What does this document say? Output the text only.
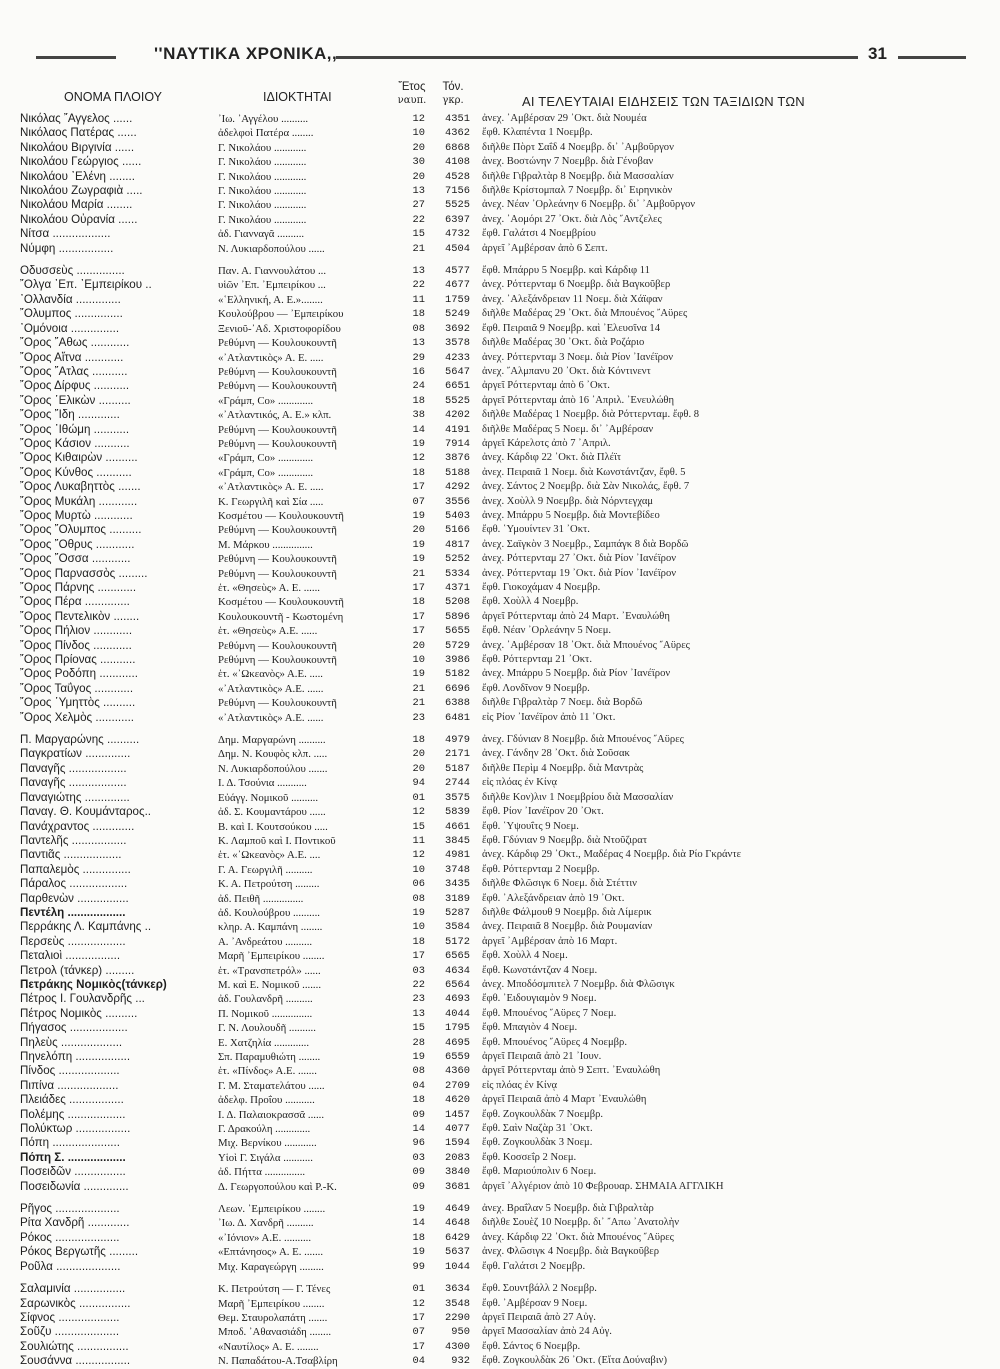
''ΝΑΥΤΙΚΑ ΧΡΟΝΙΚΑ,,	31
ΟΝΟΜΑ ΠΛΟΙΟΥ	ΙΔΙΟΚΤΗΤΑΙ
Ἔτος
ναυπ.
Τόν.
γκρ.	ΑΙ ΤΕΛΕΥΤΑΙΑΙ ΕΙΔΗΣΕΙΣ ΤΩΝ ΤΑΞΙΔΙΩΝ ΤΩΝ
Νικόλας ῎Αγγελος ......	᾽Ιω. ᾽Αγγέλου ..........	12	4351 ἀνεχ. ᾽Αμβέρσαν 29 ᾽Οκτ. διὰ Νουμέα
Νικόλαος Πατέρας ......	ἀδελφοὶ Πατέρα ........	10	4362 ἔφθ. Κλαπέντα 1 Νοεμβρ.
Νικολάου Βιργινία ......	Γ. Νικολάου ............	20	6868 διῆλθε Πὸρτ Σαΐδ 4 Νοεμβρ. δι᾽ ᾽Αμβοῦργον
Νικολάου Γεώργιος ......	Γ. Νικολάου ............	30	4108 ἀνεχ. Βοστώνην 7 Νοεμβρ. διὰ Γένοβαν
Νικολάου ᾽Ελένη ........	Γ. Νικολάου ............	20	4528 διῆλθε Γιβραλτὰρ 8 Νοεμβρ. διὰ Μασσαλίαν
Νικολάου Ζωγραφιὰ .....	Γ. Νικολάου ............	13	7156 διῆλθε Κρίστομπαλ 7 Νοεμβρ. δι᾽ Ειρηνικὸν
Νικολάου Μαρία ........	Γ. Νικολάου ............	27	5525 ἀνεχ. Νέαν ᾽Ορλεάνην 6 Νοεμβρ. δι᾽ ᾽Αμβοῦργον
Νικολάου Οὐρανία ......	Γ. Νικολάου ............	22	6397 ἀνεχ. ᾽Αομόρι 27 ᾽Οκτ. διὰ Λὸς ῎Αντζελες
Νίτσα ..................	ἀδ. Γιανναγᾶ ..........	15	4732 ἔφθ. Γαλάτσι 4 Νοεμβρίου
Νύμφη .................	Ν. Λυκιαρδοπούλου ......	21	4504 ἀργεῖ ᾽Αμβέρσαν ἀπὸ 6 Σεπτ.
Οδυσσεὺς ...............	Παν. Α. Γιαννουλάτου ...	13	4577 ἔφθ. Μπάρρυ 5 Νοεμβρ. καὶ Κάρδιφ 11
῎Ολγα ᾽Επ. ᾽Εμπειρίκου ..	υἱῶν ᾽Επ. ᾽Εμπειρίκου ...	22	4677 ἀνεχ. Ρόττερνταμ 6 Νοεμβρ. διὰ Βαγκοῦβερ
᾽Ολλανδία ..............	«῾Ελληνική, Α. Ε.»........	11	1759 ἀνεχ. ᾽Αλεξάνδρειαν 11 Νοεμ. διὰ Χάϊφαν
῎Ολυμπος ...............	Κουλούβρου — ᾽Εμπειρίκου	18	5249 διῆλθε Μαδέρας 29 ᾽Οκτ. διὰ Μπουένος ῎Αϋρες
᾽Ομόνοια ...............	Ξενιοῦ-᾽Αδ. Χριστοφορίδου	08	3692 ἔφθ. Πειραιᾶ 9 Νοεμβρ. καὶ ᾽Ελευσῖνα 14
῎Ορος ῎Αθως ............	Ρεθύμνη — Κουλουκουντῆ	13	3578 διῆλθε Μαδέρας 30 ᾽Οκτ. διὰ Ροζάριο
῎Ορος Αἴτνα ............	«᾽Ατλαντικὸς» Α. Ε. .....	29	4233 ἀνεχ. Ρόττερνταμ 3 Νοεμ. διὰ Ρίον ᾽Ιανέϊρον
῎Ορος ῎Ατλας ...........	Ρεθύμνη — Κουλουκουντῆ	16	5647 ἀνεχ. ῎Αλμπανυ 20 ᾽Οκτ. διὰ Κόντινεντ
῎Ορος Δίρφυς ...........	Ρεθύμνη — Κουλουκουντῆ	24	6651 ἀργεῖ Ρόττερνταμ ἀπὸ 6 ᾽Οκτ.
῎Ορος ῾Ελικὼν ..........	«Γράμπ, Co» .............	18	5525 ἀργεῖ Ρόττερνταμ ἀπὸ 16 ᾽Απριλ. ᾽Ενευλώθη
῎Ορος ῎Ιδη .............	«᾽Ατλαντικός, Α. Ε.» κλπ.	38	4202 διῆλθε Μαδέρας 1 Νοεμβρ. διὰ Ρόττερνταμ. ἔφθ. 8
῎Ορος ᾽Ιθώμη ...........	Ρεθύμνη — Κουλουκουντῆ	14	4191 διῆλθε Μαδέρας 5 Νοεμ. δι᾽ ᾽Αμβέρσαν
῎Ορος Κάσιον ...........	Ρεθύμνη — Κουλουκουντῆ	19	7914 ἀργεῖ Κάρελοτς ἀπὸ 7 ᾽Απριλ.
῎Ορος Κιθαιρὼν ..........	«Γράμπ, Co» .............	12	3876 ἀνεχ. Κάρδιφ 22 ᾽Οκτ. διὰ Πλέϊτ
῎Ορος Κύνθος ...........	«Γράμπ, Co» .............	18	5188 ἀνεχ. Πειραιᾶ 1 Νοεμ. διὰ Κωνστάντζαν, ἔφθ. 5
῎Ορος Λυκαβηττὸς .......	«᾽Ατλαντικὸς» Α. Ε. .....	17	4292 ἀνεχ. Σάντος 2 Νοεμβρ. διὰ Σὰν Νικολάς, ἔφθ. 7
῎Ορος Μυκάλη ............	Κ. Γεωργιλῆ καὶ Σία .....	07	3556 ἀνεχ. Χοὺλλ 9 Νοεμβρ. διὰ Νόρντεγχαμ
῎Ορος Μυρτὼ ............	Κοσμέτου — Κουλουκουντῆ	19	5403 ἀνεχ. Μπάρρυ 5 Νοεμβρ. διὰ Μοντεβίδεο
῎Ορος ῎Ολυμπος ..........	Ρεθύμνη — Κουλουκουντῆ	20	5166 ἔφθ. ῾Υμουίντεν 31 ᾽Οκτ.
῎Ορος ῎Οθρυς ............	Μ. Μάρκου ...............	19	4817 ἀνεχ. Σαϊγκὸν 3 Νοεμβρ., Σαμπάγκ 8 διὰ Βορδῶ
῎Ορος ῎Οσσα ............	Ρεθύμνη — Κουλουκουντῆ	19	5252 ἀνεχ. Ρόττερνταμ 27 ᾽Οκτ. διὰ Ρίον ᾽Ιανέϊρον
῎Ορος Παρνασσὸς .........	Ρεθύμνη — Κουλουκουντῆ	21	5334 ἀνεχ. Ρόττερνταμ 19 ᾽Οκτ. διὰ Ρίον ᾽Ιανέϊρον
῎Ορος Πάρνης ............	ἑτ. «Θησεὺς» Α. Ε. ......	17	4371 ἔφθ. Γιοκοχάμαν 4 Νοεμβρ.
῎Ορος Πέρα ..............	Κοσμέτου — Κουλουκουντῆ	18	5208 ἔφθ. Χοὺλλ 4 Νοεμβρ.
῎Ορος Πεντελικὸν ........	Κουλουκουντῆ - Κωστομένη	17	5896 ἀργεῖ Ρόττερνταμ ἀπὸ 24 Μαρτ. ᾽Εναυλώθη
῎Ορος Πήλιον ............	ἑτ. «Θησεὺς» Α.Ε. ......	17	5655 ἔφθ. Νέαν ᾽Ορλεάνην 5 Νοεμ.
῎Ορος Πίνδος ............	Ρεθύμνη — Κουλουκουντῆ	20	5729 ἀνεχ. ᾽Αμβέρσαν 18 ᾽Οκτ. διὰ Μπουένος ῎Αϋρες
῎Ορος Πρίονας ...........	Ρεθύμνη — Κουλουκουντῆ	10	3986 ἔφθ. Ρόττερνταμ 21 ᾽Οκτ.
῎Ορος Ροδόπη ............	ἑτ. «᾽Ωκεανὸς» Α.Ε. .....	19	5182 ἀνεχ. Μπάρρυ 5 Νοεμβρ. διὰ Ρίον ᾽Ιανέϊρον
῎Ορος Ταΰγος ............	«᾽Ατλαντικὸς» Α.Ε. ......	21	6696 ἔφθ. Λονδῖνον 9 Νοεμβρ.
῎Ορος ῾Υμηττὸς ..........	Ρεθύμνη — Κουλουκουντῆ	21	6388 διῆλθε Γιβραλτὰρ 7 Νοεμ. διὰ Βορδῶ
῎Ορος Χελμὸς ............	«᾽Ατλαντικὸς» Α.Ε. ......	23	6481 εἰς Ρίον ᾽Ιανέϊρον ἀπὸ 11 ᾽Οκτ.
Π. Μαργαρώνης ..........	Δημ. Μαργαρώνη ..........	18	4979 ἀνεχ. Γδύνιαν 8 Νοεμβρ. διὰ Μπουένος ῎Αϋρες
Παγκρατίων ..............	Δημ. Ν. Κουφὸς κλπ. .....	20	2171 ἀνεχ. Γάνδην 28 ᾽Οκτ. διὰ Σοῦσακ
Παναγῆς ..................	Ν. Λυκιαρδοπούλου .......	20	5187 διῆλθε Περὶμ 4 Νοεμβρ. διὰ Μαντρὰς
Παναγῆς ..................	Ι. Δ. Τσούνια ...........	94	2744 εἰς πλόας ἐν Κίνᾳ
Παναγιώτης ..............	Εὐάγγ. Νομικοῦ ..........	01	3575 διῆλθε Κον)λιν 1 Νοεμβρίου διὰ Μασσαλίαν
Παναγ. Θ. Κουμάνταρος..	ἀδ. Σ. Κουμαντάρου ......	12	5839 ἔφθ. Ρίον ᾽Ιανέϊρον 20 ᾽Οκτ.
Πανάχραντος .............	Β. καὶ Ι. Κουτσούκου .....	15	4661 ἔφθ. ῾Υψουΐτς 9 Νοεμ.
Παντελῆς .................	Κ. Λαμποῦ καὶ Ι. Ποντικοῦ	11	3845 ἔφθ. Γδύνιαν 9 Νοεμβρ. διὰ Ντοῦζιρατ
Παντιᾶς ..................	ἑτ. «᾽Ωκεανὸς» Α.Ε. ....	12	4981 ἀνεχ. Κάρδιφ 29 ᾽Οκτ., Μαδέρας 4 Νοεμβρ. διὰ Ρίο Γκράντε
Παπαλεμὸς ...............	Γ. Α. Γεωργιλῆ ..........	10	3748 ἔφθ. Ρόττερνταμ 2 Νοεμβρ.
Πάραλος ..................	Κ. Α. Πετρούτση .........	06	3435 διῆλθε Φλῶσιγκ 6 Νοεμ. διὰ Στέττιν
Παρθενὼν ................	ἀδ. Πειθῆ ...............	08	3189 ἔφθ. ᾽Αλεξάνδρειαν ἀπὸ 19 ᾽Οκτ.
Πεντέλη ..................	ἀδ. Κουλούβρου ..........	19	5287 διῆλθε Φάλμουθ 9 Νοεμβρ. διὰ Λίμερικ
Περράκης Λ. Καμπάνης ..	κληρ. Α. Καμπάνη ........	10	3584 ἀνεχ. Πειραιᾶ 8 Νοεμβρ. διὰ Ρουμανίαν
Περσεὺς ..................	Α. ᾽Ανδρεάτου ..........	18	5172 ἀργεῖ ᾽Αμβέρσαν ἀπὸ 16 Μαρτ.
Πεταλιοὶ .................	Μαρῆ ᾽Εμπειρίκου ........	17	6565 ἔφθ. Χοὺλλ 4 Νοεμ.
Πετρολ (τάνκερ) .........	ἑτ. «Τρανσπετρόλ» ......	03	4634 ἔφθ. Κωνστάντζαν 4 Νοεμ.
Πετράκης Νομικὸς(τάνκερ)	Μ. καὶ Ε. Νομικοῦ .......	22	6564 ἀνεχ. Μποδόσμπιτελ 7 Νοεμβρ. διὰ Φλῶσιγκ
Πέτρος Ι. Γουλανδρῆς ...	ἀδ. Γουλανδρῆ ..........	23	4693 ἔφθ. ᾽Ειδουγιαμὸν 9 Νοεμ.
Πέτρος Νομικὸς ..........	Π. Νομικοῦ ...............	13	4044 ἔφθ. Μπουένος ῎Αϋρες 7 Νοεμ.
Πήγασος ..................	Γ. Ν. Λουλουδῆ ..........	15	1795 ἔφθ. Μπαγιὸν 4 Νοεμ.
Πηλεὺς ...................	Ε. Χατζηλία .............	28	4695 ἔφθ. Μπουένος ῎Αϋρες 4 Νοεμβρ.
Πηνελόπη .................	Σπ. Παραμυθιώτη ........	19	6559 ἀργεῖ Πειραιᾶ ἀπὸ 21 ᾽Ιουν.
Πίνδος ...................	ἑτ. «Πίνδος» Α.Ε. .......	08	4360 ἀργεῖ Ρόττερνταμ ἀπὸ 9 Σεπτ. ᾽Εναυλώθη
Πιπίνα ...................	Γ. Μ. Σταματελάτου ......	04	2709 εἰς πλόας ἐν Κίνᾳ
Πλειάδες .................	ἀδελφ. Προΐου ...........	18	4620 ἀργεῖ Πειραιᾶ ἀπὸ 4 Μαρτ ᾽Εναυλώθη
Πολέμης ..................	Ι. Δ. Παλαιοκρασσᾶ ......	09	1457 ἔφθ. Ζογκουλδὰκ 7 Νοεμβρ.
Πολύκτωρ .................	Γ. Δρακούλη .............	14	4077 ἔφθ. Σαὶν Ναζὰρ 31 ᾽Οκτ.
Πόπη .....................	Μιχ. Βερνίκου ............	96	1594 ἔφθ. Ζογκουλδὰκ 3 Νοεμ.
Πόπη Σ. ..................	Υἱοὶ Γ. Σιγάλα ...........	03	2083 ἔφθ. Κοσσεΐρ 2 Νοεμ.
Ποσειδῶν ................	ἀδ. Πήττα ...............	09	3840 ἔφθ. Μαριούπολιν 6 Νοεμ.
Ποσειδωνία ..............	Δ. Γεωργοπούλου καὶ Ρ.-Κ.	09	3681 ἀργεῖ ᾽Αλγέριον ἀπὸ 10 Φεβρουαρ. ΣΗΜΑΙΑ ΑΓΓΛΙΚΗ
Ρῆγος ....................	Λεων. ᾽Εμπειρίκου ........	19	4649 ἀνεχ. Βραΐλαν 5 Νοεμβρ. διὰ Γιβραλτὰρ
Ρίτα Χανδρῆ .............	᾽Ιω. Δ. Χανδρῆ ..........	14	4648 διῆλθε Σουὲζ 10 Νοεμβρ. δι᾽ ῎Απω ᾽Ανατολὴν
Ρόκος ....................	«᾽Ιόνιον» Α.Ε. ..........	18	6429 ἀνεχ. Κάρδιφ 22 ᾽Οκτ. διὰ Μπουένος ῎Αϋρες
Ρόκος Βεργωτῆς .........	«Επτάνησος» Α. Ε. .......	19	5637 ἀνεχ. Φλῶσιγκ 4 Νοεμβρ. διὰ Βαγκοῦβερ
Ροῦλα ....................	Μιχ. Καραγεώργη .........	99	1044 ἔφθ. Γαλάτσι 2 Νοεμβρ.
Σαλαμινία ................	Κ. Πετρούτση — Γ. Τένες	01	3634 ἔφθ. Σουντβάλλ 2 Νοεμβρ.
Σαρωνικὸς ................	Μαρῆ ᾽Εμπειρίκου ........	12	3548 ἔφθ. ᾽Αμβέρσαν 9 Νοεμ.
Σίφνος ...................	Θεμ. Σταυρολαπάτη .......	17	2290 ἀργεῖ Πειραιᾶ ἀπὸ 27 Αὐγ.
Σοῦζυ ....................	Μποδ. ᾽Αθανασιάδη ........	07	950 ἀργεῖ Μασσαλίαν ἀπὸ 24 Αὐγ.
Σουλιώτης ................	«Ναυτίλος» Α. Ε. ........	17	4300 ἔφθ. Σάντος 6 Νοεμβρ.
Σουσάννα .................	Ν. Παπαδάτου-Α.Τσαβλίρη	04	932 ἔφθ. Ζογκουλδὰκ 26 ᾽Οκτ. (Εἴτα Δούναβιν)
